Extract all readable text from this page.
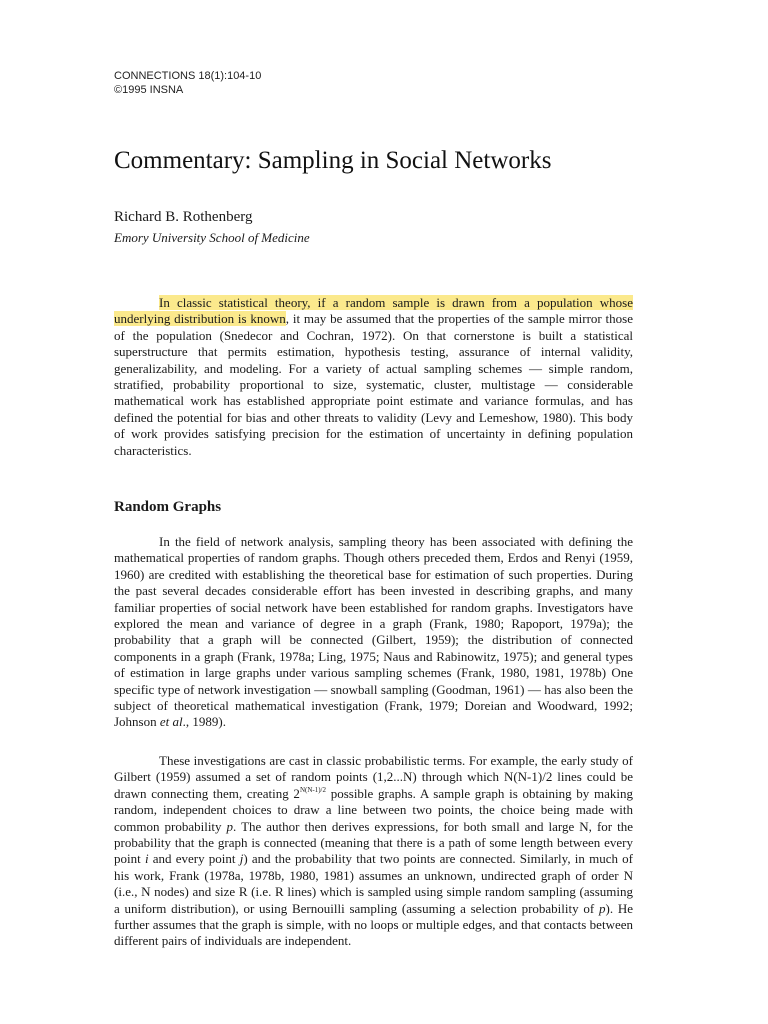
CONNECTIONS 18(1):104-10
©1995 INSNA
Commentary: Sampling in Social Networks
Richard B. Rothenberg
Emory University School of Medicine

In classic statistical theory, if a random sample is drawn from a population whose underlying distribution is known, it may be assumed that the properties of the sample mirror those of the population (Snedecor and Cochran, 1972). On that cornerstone is built a statistical superstructure that permits estimation, hypothesis testing, assurance of internal validity, generalizability, and modeling. For a variety of actual sampling schemes — simple random, stratified, probability proportional to size, systematic, cluster, multistage — considerable mathematical work has established appropriate point estimate and variance formulas, and has defined the potential for bias and other threats to validity (Levy and Lemeshow, 1980). This body of work provides satisfying precision for the estimation of uncertainty in defining population characteristics.

Random Graphs

In the field of network analysis, sampling theory has been associated with defining the mathematical properties of random graphs. Though others preceded them, Erdos and Renyi (1959, 1960) are credited with establishing the theoretical base for estimation of such properties. During the past several decades considerable effort has been invested in describing graphs, and many familiar properties of social network have been established for random graphs. Investigators have explored the mean and variance of degree in a graph (Frank, 1980; Rapoport, 1979a); the probability that a graph will be connected (Gilbert, 1959); the distribution of connected components in a graph (Frank, 1978a; Ling, 1975; Naus and Rabinowitz, 1975); and general types of estimation in large graphs under various sampling schemes (Frank, 1980, 1981, 1978b) One specific type of network investigation — snowball sampling (Goodman, 1961) — has also been the subject of theoretical mathematical investigation (Frank, 1979; Doreian and Woodward, 1992; Johnson et al., 1989).

These investigations are cast in classic probabilistic terms. For example, the early study of Gilbert (1959) assumed a set of random points (1,2...N) through which N(N-1)/2 lines could be drawn connecting them, creating $2^{N(N-1)/2}$ possible graphs. A sample graph is obtaining by making random, independent choices to draw a line between two points, the choice being made with common probability p. The author then derives expressions, for both small and large N, for the probability that the graph is connected (meaning that there is a path of some length between every point i and every point j) and the probability that two points are connected. Similarly, in much of his work, Frank (1978a, 1978b, 1980, 1981) assumes an unknown, undirected graph of order N (i.e., N nodes) and size R (i.e. R lines) which is sampled using simple random sampling (assuming a uniform distribution), or using Bernouilli sampling (assuming a selection probability of p). He further assumes that the graph is simple, with no loops or multiple edges, and that contacts between different pairs of individuals are independent.
